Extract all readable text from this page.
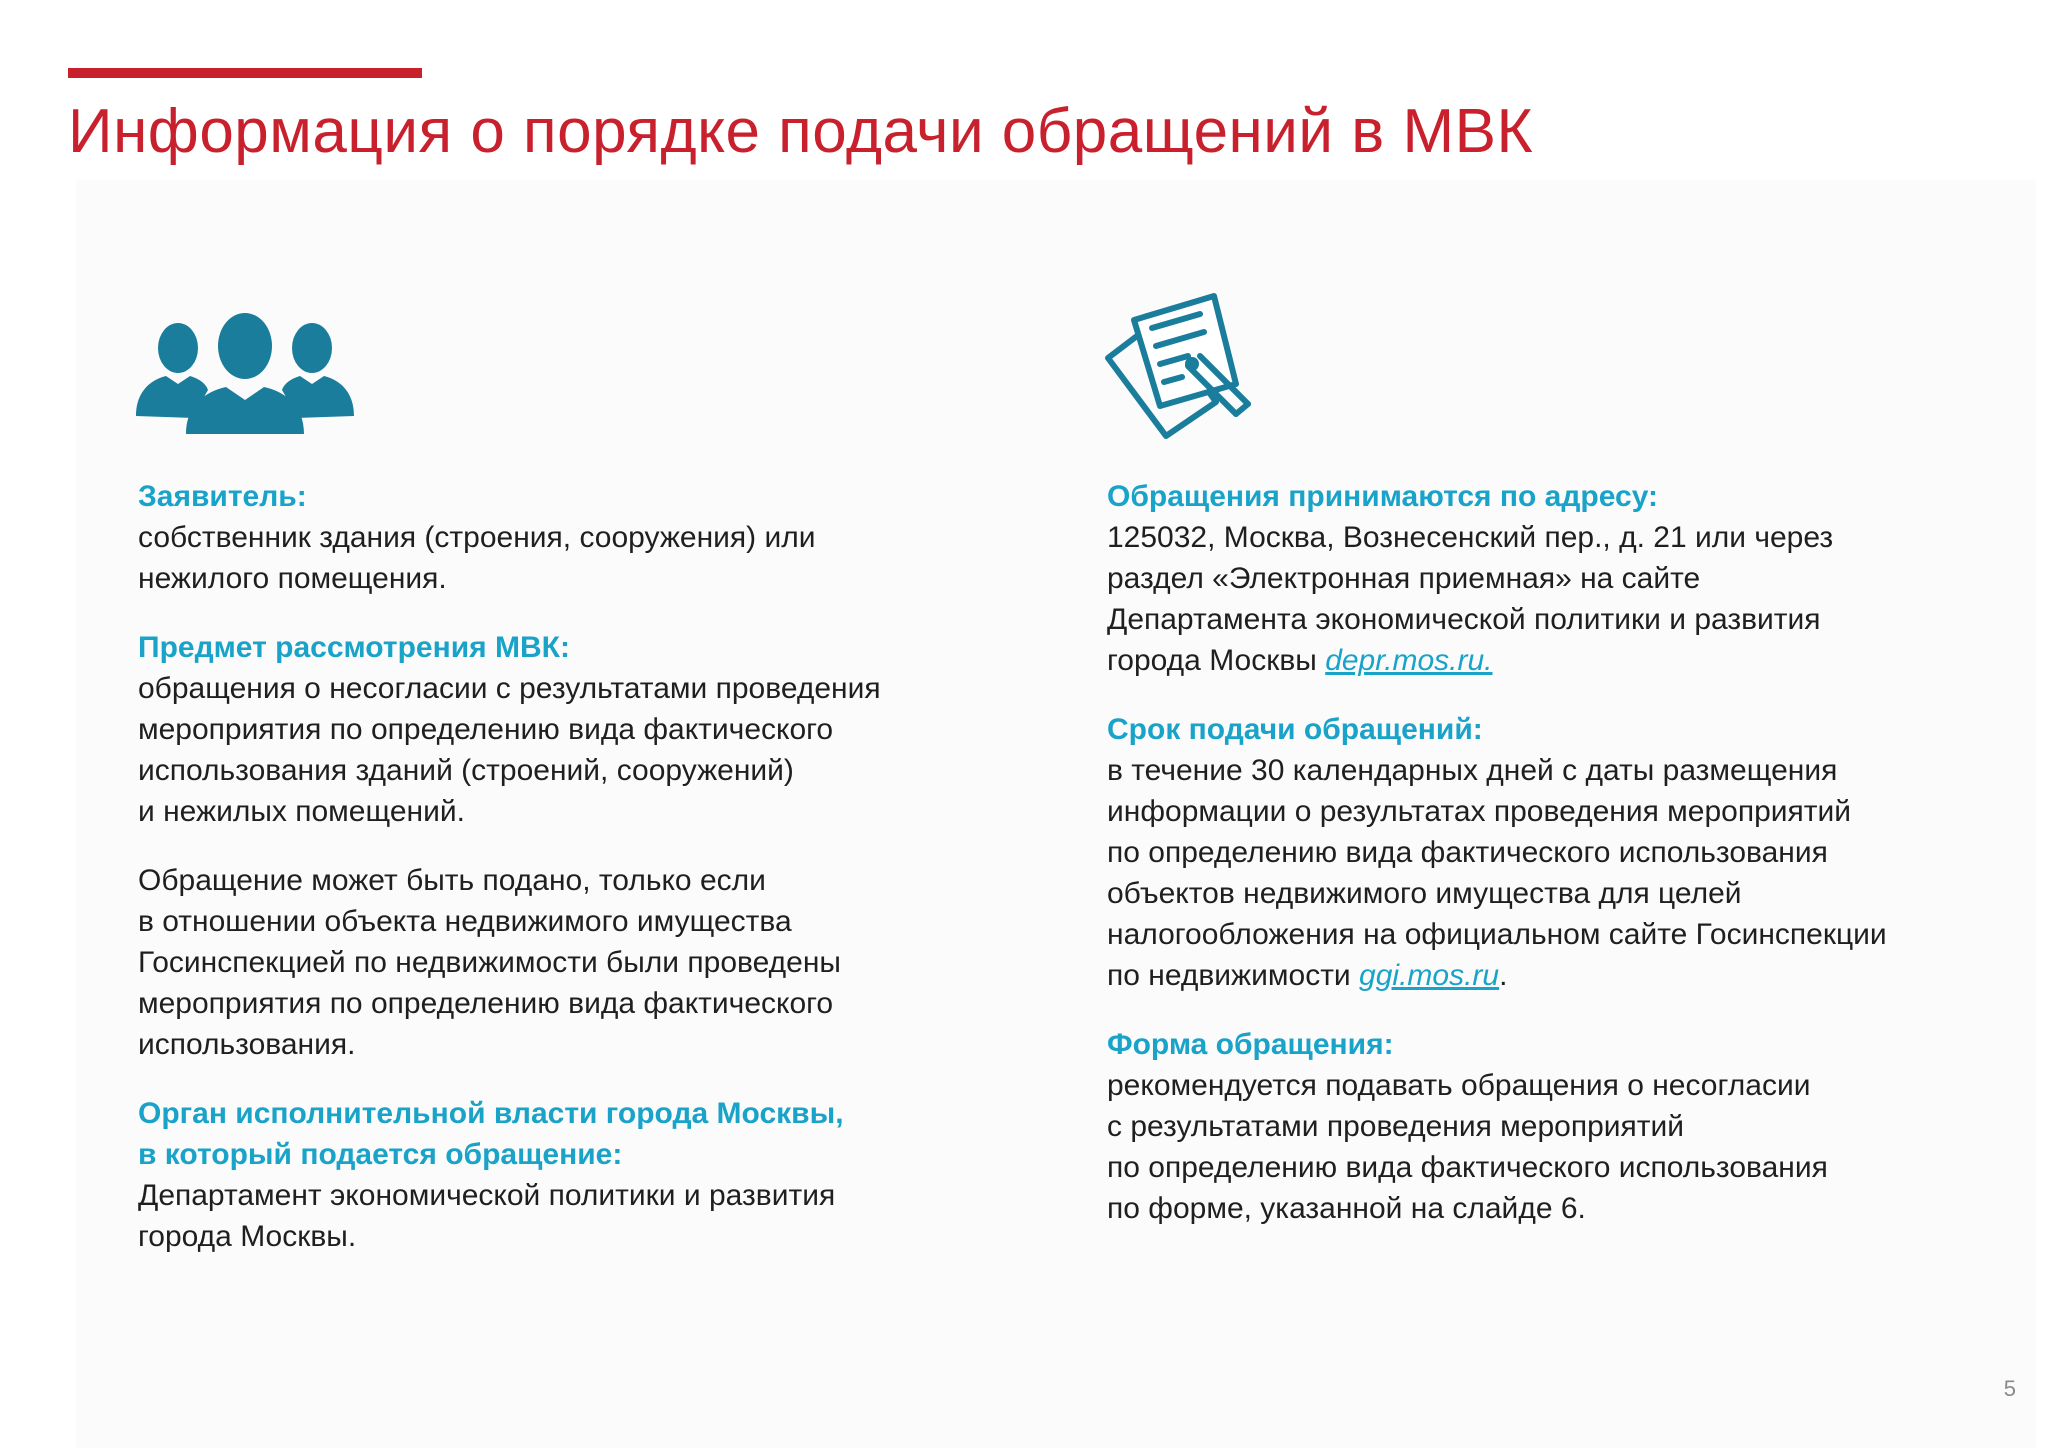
Информация о порядке подачи обращений в МВК
Заявитель:
собственник здания (строения, сооружения) или
нежилого помещения.
Предмет рассмотрения МВК:
обращения о несогласии с результатами проведения
мероприятия по определению вида фактического
использования зданий (строений, сооружений)
и нежилых помещений.
Обращение может быть подано, только если
в отношении объекта недвижимого имущества
Госинспекцией по недвижимости были проведены
мероприятия по определению вида фактического
использования.
Орган исполнительной власти города Москвы,
в который подается обращение:
Департамент экономической политики и развития
города Москвы.
Обращения принимаются по адресу:
125032, Москва, Вознесенский пер., д. 21 или через
раздел «Электронная приемная» на сайте
Департамента экономической политики и развития
города Москвы depr.mos.ru.
Срок подачи обращений:
в течение 30 календарных дней с даты размещения
информации о результатах проведения мероприятий
по определению вида фактического использования
объектов недвижимого имущества для целей
налогообложения на официальном сайте Госинспекции
по недвижимости ggi.mos.ru.
Форма обращения:
рекомендуется подавать обращения о несогласии
с результатами проведения мероприятий
по определению вида фактического использования
по форме, указанной на слайде 6.
5
